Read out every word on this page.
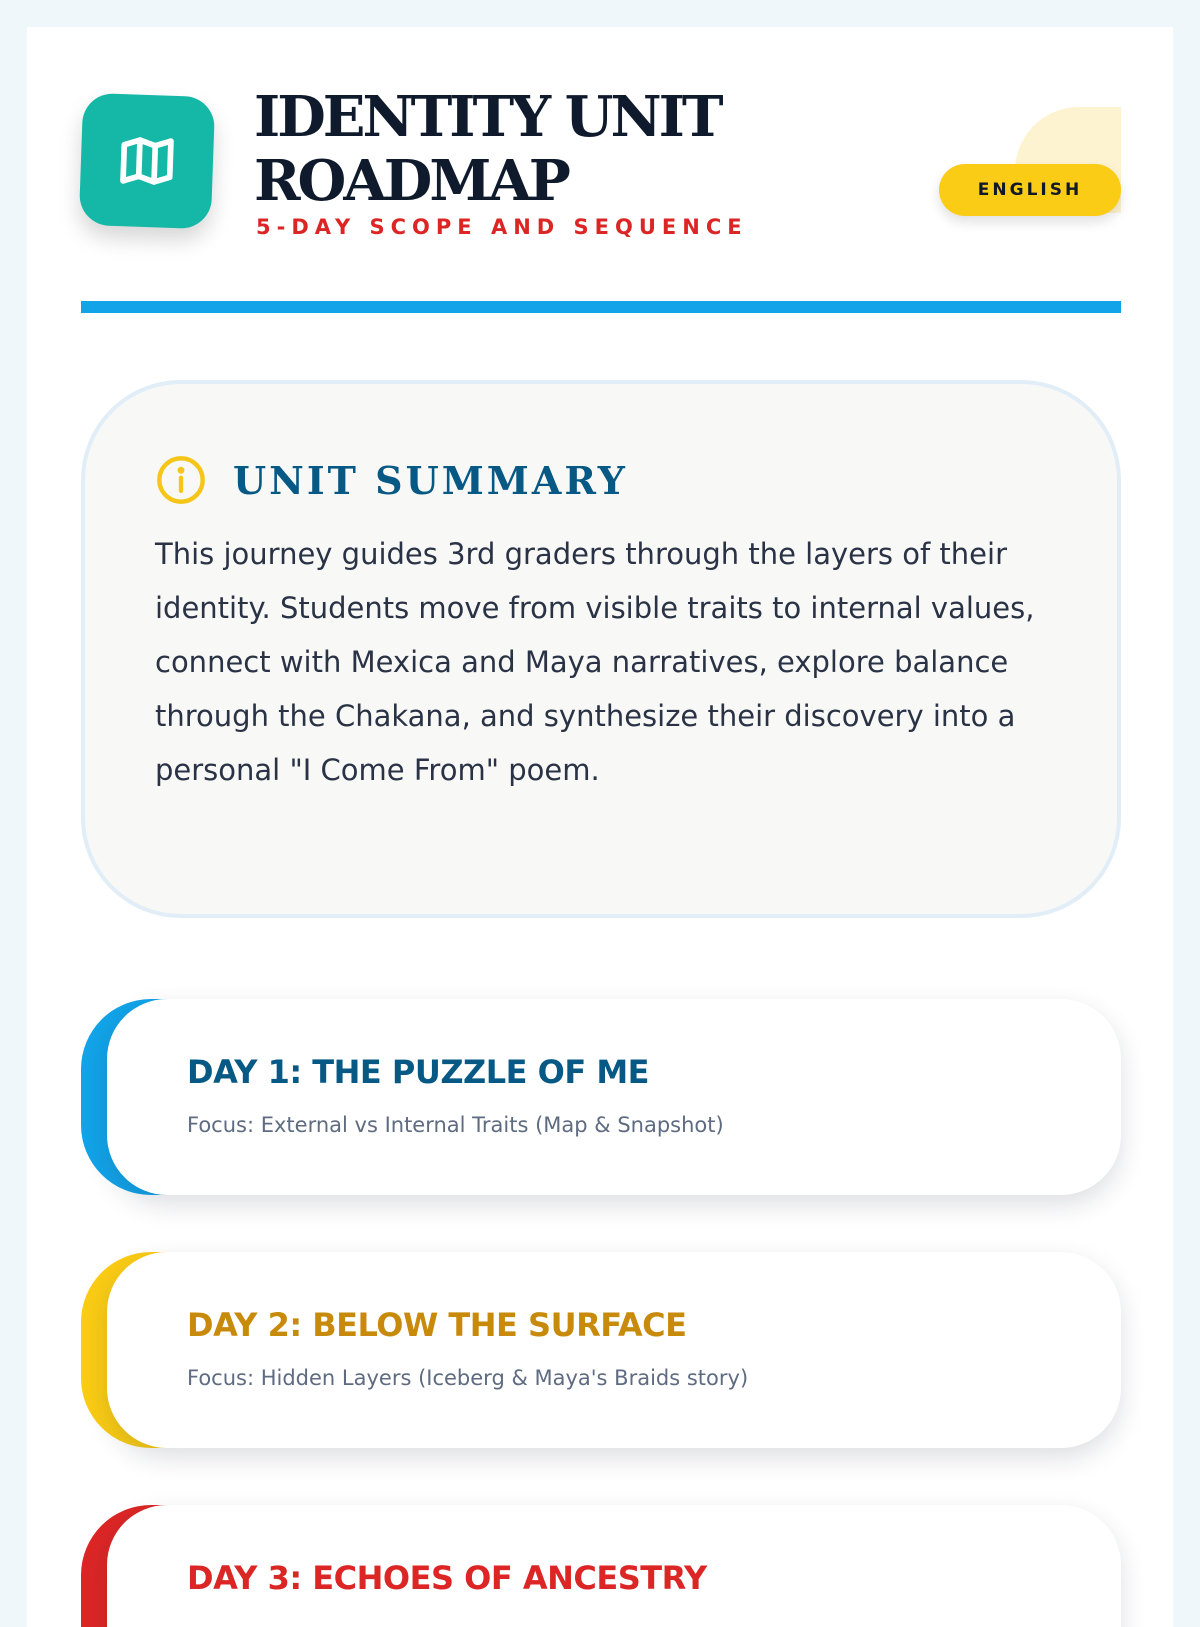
IDENTITY UNIT
ROADMAP
5-DAY SCOPE AND SEQUENCE
ENGLISH
UNIT SUMMARY

This journey guides 3rd graders through the layers of their identity. Students move from visible traits to internal values, connect with Mexica and Maya narratives, explore balance through the Chakana, and synthesize their discovery into a personal "I Come From" poem.

DAY 1: THE PUZZLE OF ME
Focus: External vs Internal Traits (Map & Snapshot)
DAY 2: BELOW THE SURFACE
Focus: Hidden Layers (Iceberg & Maya's Braids story)
DAY 3: ECHOES OF ANCESTRY
